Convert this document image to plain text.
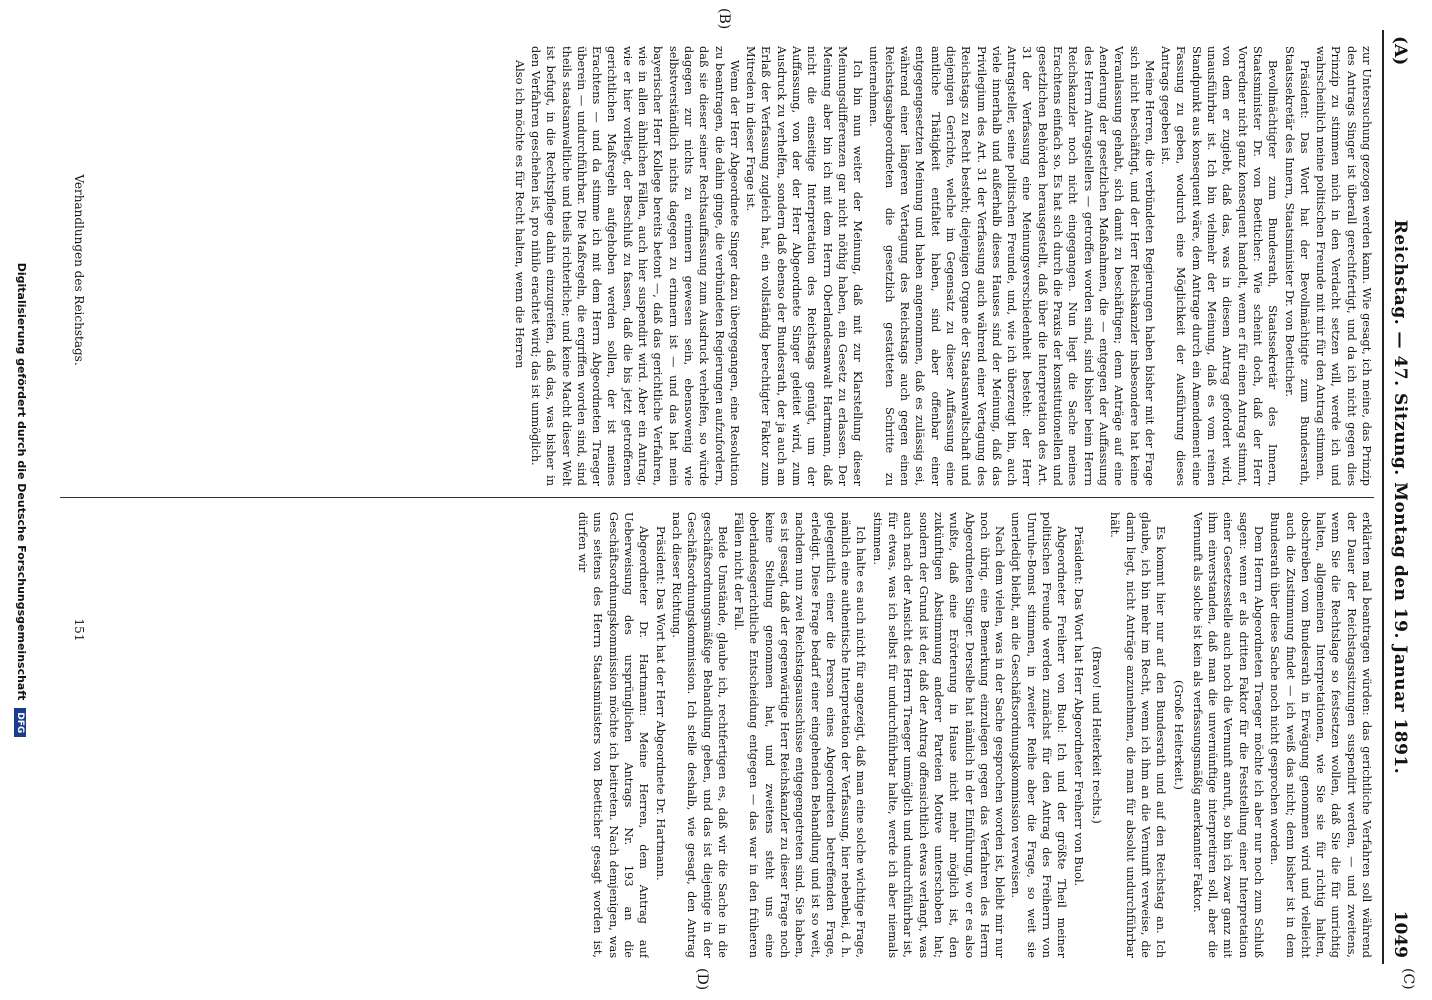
(A)
Reichstag. — 47. Sitzung. Montag den 19. Januar 1891.
1049
(B)
(C)
(D)

zur Untersuchung gezogen werden kann. Wie gesagt, ich meine, das Prinzip des Antrags Singer ist überall gerechtfertigt, und da ich nicht gegen dies Prinzip zu stimmen mich in den Verdacht setzen will, werde ich und wahrscheinlich meine politischen Freunde mit mir für den Antrag stimmen.

Präsident: Das Wort hat der Bevollmächtigte zum Bundesrath, Staatssekretär des Innern, Staatsminister Dr. von Boetticher.

Bevollmächtigter zum Bundesrath, Staatssekretär des Innern, Staatsminister Dr. von Boetticher: Wie scheint doch, daß der Herr Vorredner nicht ganz konsequent handelt, wenn er für einen Antrag stimmt, von dem er zugiebt, daß das, was in diesem Antrag gefordert wird, unausführbar ist. Ich bin vielmehr der Meinung, daß es vom reinen Standpunkt aus konsequent wäre, dem Antrage durch ein Amendement eine Fassung zu geben, wodurch eine Möglichkeit der Ausführung dieses Antrags gegeben ist.

Meine Herren, die verbündeten Regierungen haben bisher mit der Frage sich nicht beschäftigt, und der Herr Reichskanzler insbesondere hat keine Veranlassung gehabt, sich damit zu beschäftigen; denn Anträge auf eine Aenderung der gesetzlichen Maßnahmen, die — entgegen der Auffassung des Herrn Antragstellers — getroffen worden sind, sind bisher beim Herrn Reichskanzler noch nicht eingegangen. Nun liegt die Sache meines Erachtens einfach so. Es hat sich durch die Praxis der konstitutionellen und gesetzlichen Behörden herausgestellt, daß über die Interpretation des Art. 31 der Verfassung eine Meinungsverschiedenheit besteht: der Herr Antragsteller, seine politischen Freunde, und, wie ich überzeugt bin, auch viele innerhalb und außerhalb dieses Hauses sind der Meinung, daß das Privilegium des Art. 31 der Verfassung auch während einer Vertagung des Reichstags zu Recht besteht; diejenigen Organe der Staatsanwaltschaft und diejenigen Gerichte, welche im Gegensatz zu dieser Auffassung eine amtliche Thätigkeit entfaltet haben, sind aber offenbar einer entgegengesetzten Meinung und haben angenommen, daß es zulässig sei, während einer längeren Vertagung des Reichstags auch gegen einen Reichstagsabgeordneten die gesetzlich gestatteten Schritte zu unternehmen.

Ich bin nun weiter der Meinung, daß mit zur Klarstellung dieser Meinungsdifferenzen gar nicht nöthig haben, ein Gesetz zu erlassen. Der Meinung aber bin ich mit dem Herrn Oberlandesanwalt Hartmann, daß nicht die einseitige Interpretation des Reichstags genügt, um der Auffassung, von der der Herr Abgeordnete Singer geleitet wird, zum Ausdruck zu verhelfen, sondern daß ebenso der Bundesrath, der ja auch am Erlaß der Verfassung zugleich hat, ein vollständig berechtigter Faktor zum Mitreden in dieser Frage ist.

Wenn der Herr Abgeordnete Singer dazu übergegangen, eine Resolution zu beantragen, die dahin ginge, die verbündeten Regierungen aufzufordern, daß sie dieser seiner Rechtsauffassung zum Ausdruck verhelfen, so würde dagegen zur nichts zu erinnern gewesen sein, ebensowenig wie selbstverständlich nichts dagegen zu erinnern ist — und das hat mein bayerischer Herr Kollege bereits betont —, daß das gerichtliche Verfahren, wie in allen ähnlichen Fällen, auch hier suspendirt wird. Aber ein Antrag, wie er hier vorliegt, der Beschluß zu fassen, daß die bis jetzt getroffenen gerichtlichen Maßregeln aufgehoben werden sollen, der ist meines Erachtens — und da stimme ich mit dem Herrn Abgeordneten Traeger überein — undurchführbar. Die Maßregeln, die ergriffen worden sind, sind theils staatsanwaltliche und theils richterliche; und keine Macht dieser Welt ist befugt, in die Rechtspflege dahin einzugreifen, daß das, was bisher in den Verfahren geschehen ist, pro nihilo erachtet wird; das ist unmöglich.

Also ich möchte es für Recht halten, wenn die Herren

erklärten mal beantragen würden: das gerichtliche Verfahren soll während der Dauer der Reichstagssitzungen suspendirt werden, — und zweitens, wenn Sie die Rechtslage so festsetzen wollen, daß Sie die für unrichtig halten, allgemeinen Interpretationen, wie Sie sie für richtig halten, obschreiben vom Bundesrath in Erwägung genommen wird und vielleicht auch die Zustimmung findet — ich weiß das nicht; denn bisher ist in dem Bundesrath über diese Sache noch nicht gesprochen worden.

Dem Herrn Abgeordneten Traeger möchte ich aber nur noch zum Schluß sagen: wenn er als dritten Faktor für die Feststellung einer Interpretation einer Gesetzesstelle auch noch die Vernunft anruft, so bin ich zwar ganz mit ihm einverstanden, daß man die unvernünftige interpretiren soll, aber die Vernunft als solche ist kein als verfassungsmäßig anerkannter Faktor.

(Große Heiterkeit.)

Es kommt hier nur auf den Bundesrath und auf den Reichstag an. Ich glaube, ich bin mehr im Recht, wenn ich ihm an die Vernunft verweise, die darin liegt, nicht Anträge anzunehmen, die man für absolut undurchführbar hält.

(Bravo! und Heiterkeit rechts.)

Präsident: Das Wort hat Herr Abgeordneter Freiherr von Buol.

Abgeordneter Freiherr von Buol: Ich und der größte Theil meiner politischen Freunde werden zunächst für den Antrag des Freiherrn von Unruhe-Bomst stimmen, in zweiter Reihe aber die Frage, so weit sie unerledigt bleibt, an die Geschäftsordnungskommission verweisen.

Nach dem vielen, was in der Sache gesprochen worden ist, bleibt mir nur noch übrig, eine Bemerkung einzulegen gegen das Verfahren des Herrn Abgeordneten Singer. Derselbe hat nämlich in der Einführung, wo er es also wußte, daß eine Erörterung in Hause nicht mehr möglich ist, den zukünftigen Abstimmung anderer Parteien Motive unterschoben hat; sondern der Grund ist der, daß der Antrag offensichtlich etwas verlangt, was auch nach der Ansicht des Herrn Traeger unmöglich und undurchführbar ist, für etwas, was ich selbst für undurchführbar halte, werde ich aber niemals stimmen.

Ich halte es auch nicht für angezeigt, daß man eine solche wichtige Frage, nämlich eine authentische Interpretation der Verfassung, hier nebenbei, d. h. gelegentlich einer die Person eines Abgeordneten betreffenden Frage, erledigt. Diese Frage bedarf einer eingehenden Behandlung und ist so weit, nachdem nun zwei Reichstagsausschüsse entgegengetreten sind. Sie haben, es ist gesagt, daß der gegenwärtige Herr Reichskanzler zu dieser Frage noch keine Stellung genommen hat, und zweitens steht uns eine oberlandesgerichtliche Entscheidung entgegen — das war in den früheren Fällen nicht der Fall.

Beide Umstände, glaube ich, rechtfertigen es, daß wir die Sache in die geschäftsordnungsmäßige Behandlung geben, und das ist diejenige in der Geschäftsordnungskommission. Ich stelle deshalb, wie gesagt, den Antrag nach dieser Richtung.

Präsident: Das Wort hat der Herr Abgeordnete Dr. Hartmann.

Abgeordneter Dr. Hartmann: Meine Herren, dem Antrag auf Ueberweisung des ursprünglichen Antrags Nr. 193 an die Geschäftsordnungskommission möchte ich beitreten. Nach demjenigen, was uns seitens des Herrn Staatsministers von Boetticher gesagt worden ist, dürfen wir

Verhandlungen des Reichstags.
151
Digitalisierung gefördert durch die Deutsche Forschungsgemeinschaft DFG
